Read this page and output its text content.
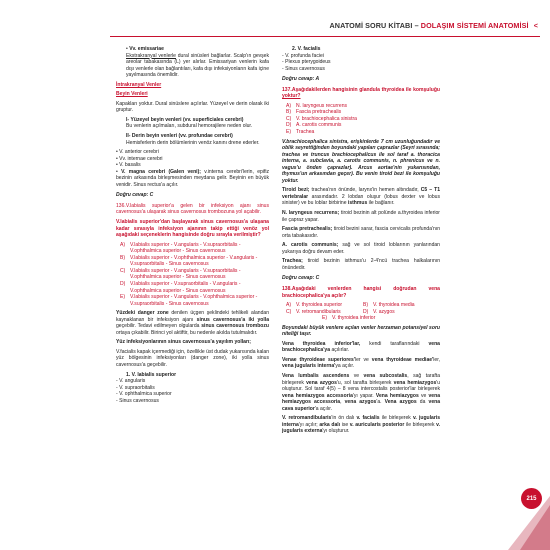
ANATOMİ SORU KİTABI – DOLAŞIM SİSTEMİ ANATOMİSİ <
• Vv. emissariae
Ekstrakranyal venlerle dural sinüsleri bağlarlar. Scalp'ın gevşek areolar tabakasında (L) yer alırlar. Emissariyan venlerin kafa dışı venlerle olan bağlantıları, kafa dışı infeksiyonların kafa içine yayılmasında önemlidir.
İntrakranyal Venler
Beyin Venleri
Kapakları yoktur. Dural sinüslere açılırlar. Yüzeyel ve derin olarak iki gruptur.
I- Yüzeyel beyin venleri (vv. superficiales cerebri)
Bu venlerin açılmaları, subdural hemorajilere neden olur.
II- Derin beyin venleri (vv. profundae cerebri)
Hemisferlerin derin bölümlerinin venöz kanını drene ederler.
• V. anterior cerebri
• Vv. internae cerebri
• V. basalis
• V. magna cerebri (Galen veni); v.interna cerebri'lerin, epifiz bezinin arkasında birleşmesinden meydana gelir. Beyinin en büyük venidir. Sinus rectus'a açılır.
Doğru cevap: C
136.V.labialis superior'a gelen bir infeksiyon ajanı sinus cavernosus'a ulaşarak sinus cavernosus trombozuna yol açabilir.
V.labialis superior'dan başlayarak sinus cavernosus'a ulaşana kadar sırasıyla infeksiyon ajanının takip ettiği venöz yol aşağıdaki seçeneklerin hangisinde doğru sırayla verilmiştir?
A) V.labialis superior - V.angularis - V.supraorbitalis - V.ophthalmica superior - Sinus cavernosus
B) V.labialis superior - V.ophthalmica superior - V.angularis - V.supraorbitalis - Sinus cavernosus
C) V.labialis superior - V.angularis - V.supraorbitalis - V.ophthalmica superior - Sinus cavernosus
D) V.labialis superior - V.supraorbitalis - V.angularis - V.ophthalmica superior - Sinus cavernosus
E) V.labialis superior - V.angularis - V.ophthalmica superior - V.supraorbitalis - Sinus cavernosus
Yüzdeki danger zone denilen üçgen şeklindeki tehlikeli alandan kaynaklanan bir infeksiyon ajanı sinus cavernosus'a iki yolla geçebilir. Tedavi edilmeyen olgularda sinus cavernosus trombozu ortaya çıkabilir. Birinci yol aktiftir, bu nedenle akılda tutulmalıdır.
Yüz infeksiyonlarının sinus cavernosus'a yayılım yolları;
V.facialis kapak içermediği için, özellikle üst dudak yukarısında kalan yüz bölgesinin infeksiyonları (danger zone), iki yolla sinus cavernosus'a geçebilir.
1. V. labialis superior
- V. angularis
- V. supraorbitalis
- V. ophthalmica superior
- Sinus cavernosus
2. V. facialis
- V. profunda faciei
- Plexus pterygoideus
- Sinus cavernosus
Doğru cevap: A
137.Aşağıdakilerden hangisinin glandula thyroidea ile komşuluğu yoktur?
A) N. laryngeus recurrens
B) Fascia pretrachealis
C) V. brachiocephalica sinistra
D) A. carotis communis
E) Trachea
V.brachiocephalica sinistra, erişkinlerde 7 cm uzunluğundadır ve oblik seyrettiğinden boyundaki yapıları çaprazlar (Seyri sırasında; trachea ve truncus brachiocephalicus ile sol taraf a. thoracica interna, a. subclavia, a. carotis communis, n. phrenicus ve n. vagus'u önden çaprazlar). Arcus aortae'nin yukarısından, thymus'un arkasından geçer). Bu venin tiroid bezi ile komşuluğu yoktur.
Tiroid bezi; trachea'nın önünde, larynx'in hemen altındadır, C5 – T1 vertebralar arasındadır. 2 lobdan oluşur (lobus dexter ve lobus sinister) ve bu loblar birbirine isthmus ile bağlanır.
N. laryngeus recurrens; tiroid bezinin alt polünde a.thyroidea inferior ile çapraz yapar.
Fascia pretrachealis; tiroid bezini sarar, fascia cervicalis profunda'nın orta tabakasıdır.
A. carotis communis; sağ ve sol tiroid loblarının yanlarından yukarıya doğru devam eder.
Trachea; tiroid bezinin isthmus'u 2-4'ncü trachea halkalarının önündedir.
Doğru cevap: C
138.Aşağıdaki venlerden hangisi doğrudan vena brachiocephalica'ya açılır?
A) V. thyroidea superior	B) V. thyroidea media
C) V. retromandibularis	D) V. azygos
E) V. thyroidea inferior
Boyundaki büyük venlere açılan venler herzaman potansiyel soru niteliği taşır.
Vena thyroidea inferior'lar, kendi taraflarındaki vena brachiocephalica'ya açılırlar.
Venae thyroideae superiores'ler ve vena thyroideae mediae'ler, vena jugularis interna'ya açılır.
Vena lumbalis ascendens ve vena subcostalis, sağ tarafta birleşerek vena azygos'u, sol tarafta birleşerek vena hemiazygos'u oluşturur. Sol taraf 4(5) – 8 vena intercostalis posterior'lar birleşerek vena hemiazygos accessoria'yı yapar. Vena hemiazygos ve vena hemiazygos accessoria, vena azygos'a. Vena azygos da vena cava superior'a açılır.
V. retromandibularis'in ön dalı v. facialis ile birleşerek v. jugularis interna'yı açılır; arka dalı ise v. auricularis posterior ile birleşerek v. jugularis externa'yı oluşturur.
215
